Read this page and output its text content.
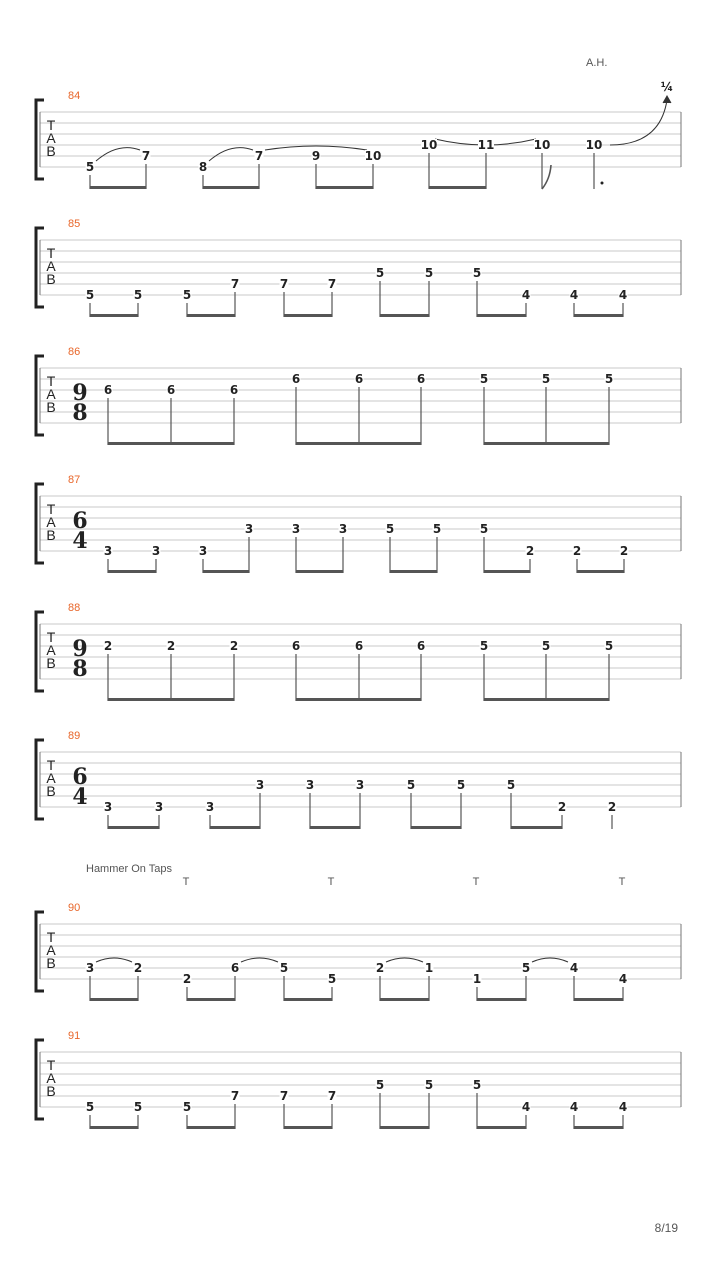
T
A
B
84
5
7
8
7	9	10
10	11	10	10
¼
T
A
B
85
5	5	5
7	7	7
5	5	5
4	4	4
T
A
B
86
9
8
6	6	6
6	6	6	5	5	5
T
A
B
87
6
4 3	3	3
3	3	3	5	5	5
2	2	2
T
A
B
88
9
8
2	2	2	6	6	6	5	5	5
T
A
B
89
6
4 3	3	3
3	3	3	5	5	5
2	2
T
A
B
90
3	2
2
6	5
5
2	1
1
5	4
4
T	T	T	T
T
A
B
91
5	5	5
7	7	7
5	5	5
4	4	4
A.H.
Hammer On Taps
8/19
